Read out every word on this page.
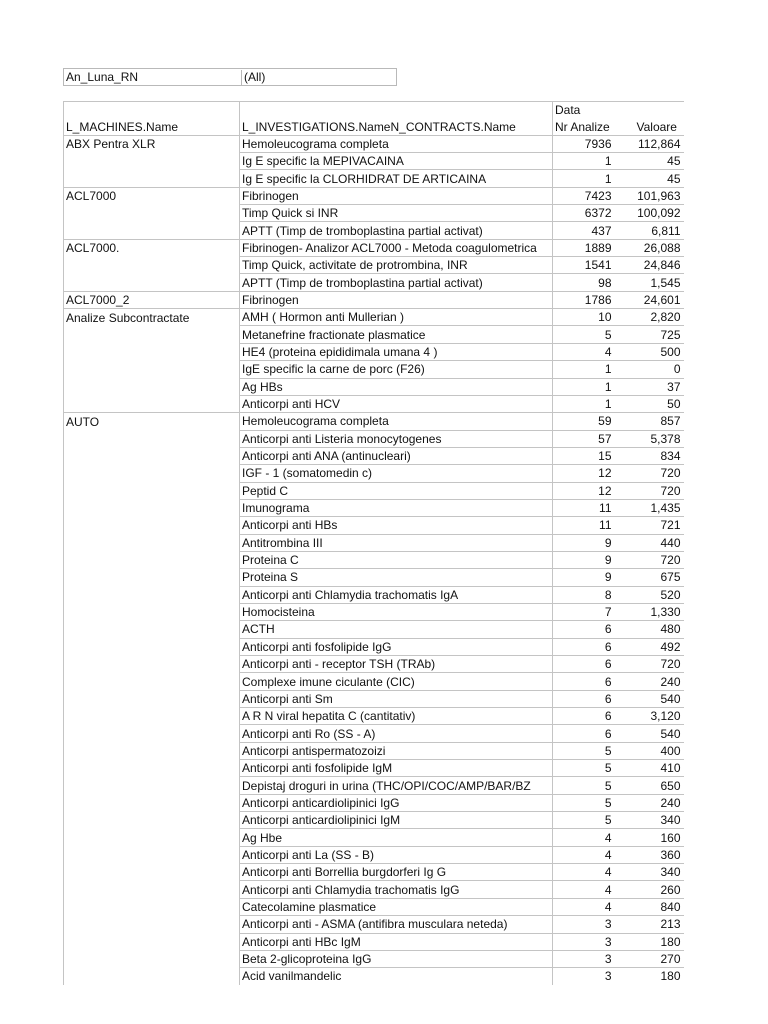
An_Luna_RN	(All)
		Data	
L_MACHINES.Name	L_INVESTIGATIONS.NameN_CONTRACTS.Name	Nr Analize	Valoare
ABX Pentra XLR	Hemoleucograma completa	7936	112,864
	Ig E specific la MEPIVACAINA	1	45
	Ig E specific la CLORHIDRAT DE ARTICAINA	1	45
ACL7000	Fibrinogen	7423	101,963
	Timp Quick si INR	6372	100,092
	APTT (Timp de tromboplastina partial activat)	437	6,811
ACL7000.	Fibrinogen- Analizor ACL7000 - Metoda coagulometrica	1889	26,088
	Timp Quick, activitate de protrombina, INR	1541	24,846
	APTT (Timp de tromboplastina partial activat)	98	1,545
ACL7000_2	Fibrinogen	1786	24,601
Analize Subcontractate	AMH ( Hormon anti Mullerian )	10	2,820
	Metanefrine fractionate plasmatice	5	725
	HE4 (proteina epididimala umana 4 )	4	500
	IgE specific la carne de porc (F26)	1	0
	Ag HBs	1	37
	Anticorpi anti HCV	1	50
AUTO	Hemoleucograma completa	59	857
	Anticorpi anti Listeria monocytogenes	57	5,378
	Anticorpi anti ANA (antinucleari)	15	834
	IGF - 1 (somatomedin c)	12	720
	Peptid C	12	720
	Imunograma	11	1,435
	Anticorpi anti HBs	11	721
	Antitrombina III	9	440
	Proteina C	9	720
	Proteina S	9	675
	Anticorpi anti Chlamydia trachomatis IgA	8	520
	Homocisteina	7	1,330
	ACTH	6	480
	Anticorpi anti fosfolipide IgG	6	492
	Anticorpi anti - receptor TSH (TRAb)	6	720
	Complexe imune ciculante (CIC)	6	240
	Anticorpi anti Sm	6	540
	A R N viral hepatita C (cantitativ)	6	3,120
	Anticorpi anti Ro (SS - A)	6	540
	Anticorpi antispermatozoizi	5	400
	Anticorpi anti fosfolipide IgM	5	410
	Depistaj droguri in urina (THC/OPI/COC/AMP/BAR/BZ	5	650
	Anticorpi anticardiolipinici IgG	5	240
	Anticorpi anticardiolipinici IgM	5	340
	Ag Hbe	4	160
	Anticorpi anti La (SS - B)	4	360
	Anticorpi anti Borrellia burgdorferi Ig G	4	340
	Anticorpi anti Chlamydia trachomatis IgG	4	260
	Catecolamine plasmatice	4	840
	Anticorpi anti - ASMA (antifibra musculara neteda)	3	213
	Anticorpi anti HBc IgM	3	180
	Beta 2-glicoproteina IgG	3	270
	Acid vanilmandelic	3	180
